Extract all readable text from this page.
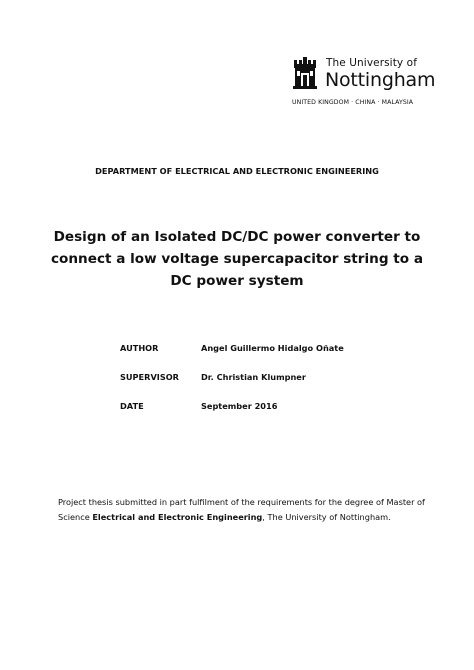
The University of
Nottingham
UNITED KINGDOM · CHINA · MALAYSIA
DEPARTMENT OF ELECTRICAL AND ELECTRONIC ENGINEERING
Design of an Isolated DC/DC power converter to
connect a low voltage supercapacitor string to a
DC power system
AUTHOR	Angel Guillermo Hidalgo Oñate
SUPERVISOR	Dr. Christian Klumpner
DATE	September 2016
Project thesis submitted in part fulfilment of the requirements for the degree of Master of
Science Electrical and Electronic Engineering, The University of Nottingham.
